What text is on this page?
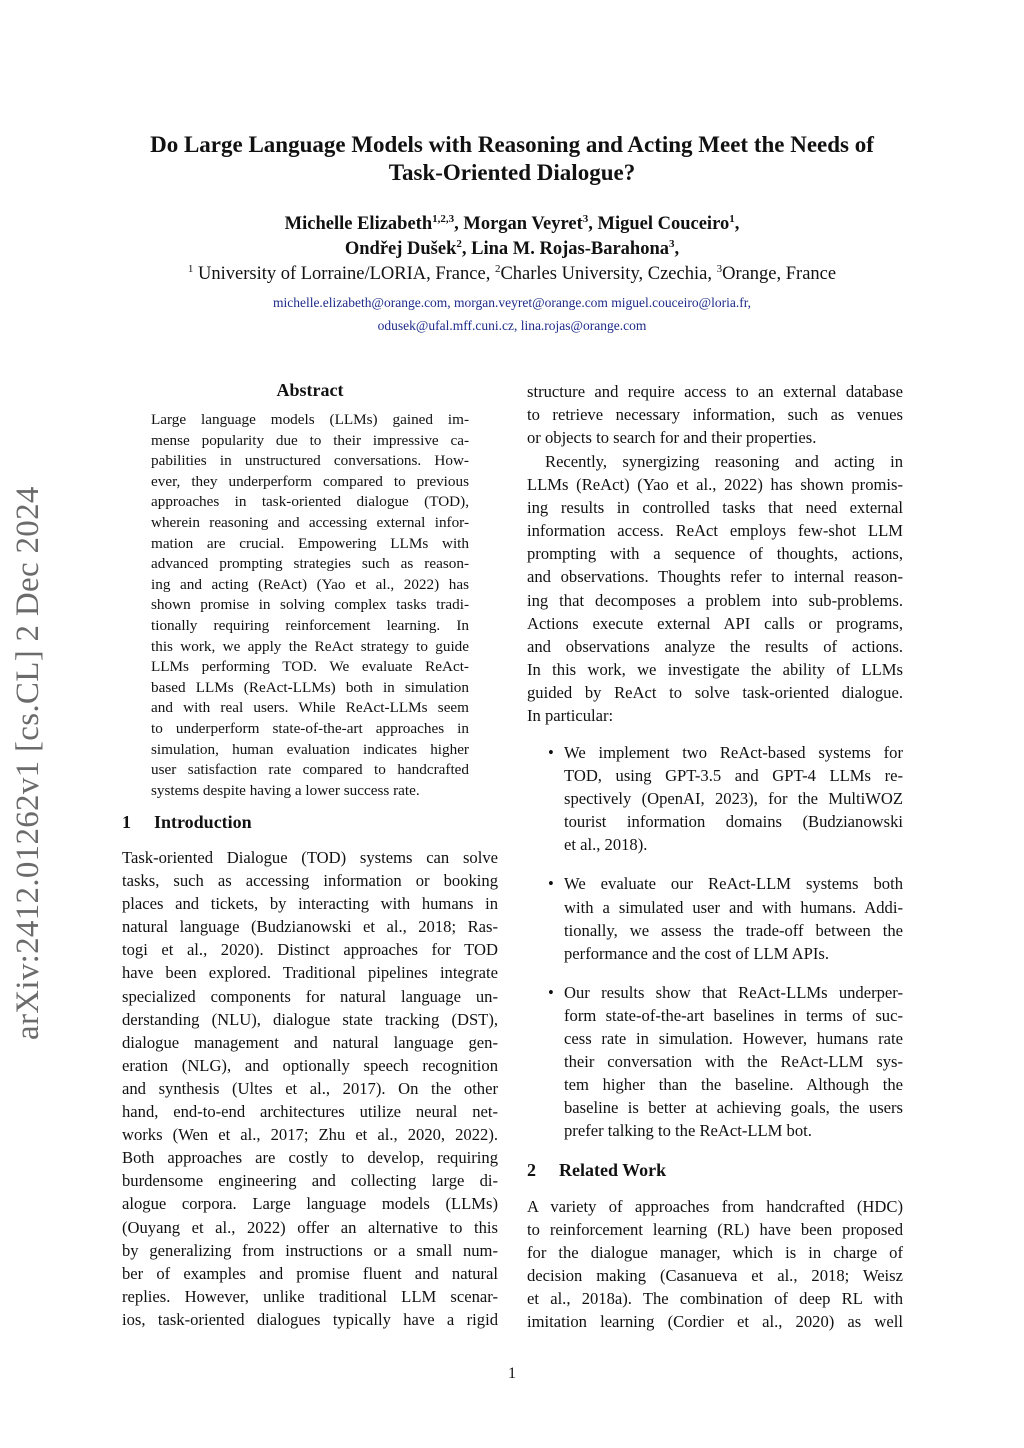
arXiv:2412.01262v1 [cs.CL] 2 Dec 2024
Do Large Language Models with Reasoning and Acting Meet the Needs of
Task-Oriented Dialogue?
Michelle Elizabeth$^{1,2,3}$, Morgan Veyret$^3$, Miguel Couceiro$^1$,
Ondřej Dušek$^2$, Lina M. Rojas-Barahona$^3$,
$^1$ University of Lorraine/LORIA, France, $^2$Charles University, Czechia, $^3$Orange, France
michelle.elizabeth@orange.com, morgan.veyret@orange.com miguel.couceiro@loria.fr,
odusek@ufal.mff.cuni.cz, lina.rojas@orange.com
Abstract
Large language models (LLMs) gained im-
mense popularity due to their impressive ca-
pabilities in unstructured conversations. How-
ever, they underperform compared to previous
approaches in task-oriented dialogue (TOD),
wherein reasoning and accessing external infor-
mation are crucial. Empowering LLMs with
advanced prompting strategies such as reason-
ing and acting (ReAct) (Yao et al., 2022) has
shown promise in solving complex tasks tradi-
tionally requiring reinforcement learning. In
this work, we apply the ReAct strategy to guide
LLMs performing TOD. We evaluate ReAct-
based LLMs (ReAct-LLMs) both in simulation
and with real users. While ReAct-LLMs seem
to underperform state-of-the-art approaches in
simulation, human evaluation indicates higher
user satisfaction rate compared to handcrafted
systems despite having a lower success rate.
1 Introduction
Task-oriented Dialogue (TOD) systems can solve
tasks, such as accessing information or booking
places and tickets, by interacting with humans in
natural language (Budzianowski et al., 2018; Ras-
togi et al., 2020). Distinct approaches for TOD
have been explored. Traditional pipelines integrate
specialized components for natural language un-
derstanding (NLU), dialogue state tracking (DST),
dialogue management and natural language gen-
eration (NLG), and optionally speech recognition
and synthesis (Ultes et al., 2017). On the other
hand, end-to-end architectures utilize neural net-
works (Wen et al., 2017; Zhu et al., 2020, 2022).
Both approaches are costly to develop, requiring
burdensome engineering and collecting large di-
alogue corpora. Large language models (LLMs)
(Ouyang et al., 2022) offer an alternative to this
by generalizing from instructions or a small num-
ber of examples and promise fluent and natural
replies. However, unlike traditional LLM scenar-
ios, task-oriented dialogues typically have a rigid
structure and require access to an external database
to retrieve necessary information, such as venues
or objects to search for and their properties.
Recently, synergizing reasoning and acting in
LLMs (ReAct) (Yao et al., 2022) has shown promis-
ing results in controlled tasks that need external
information access. ReAct employs few-shot LLM
prompting with a sequence of thoughts, actions,
and observations. Thoughts refer to internal reason-
ing that decomposes a problem into sub-problems.
Actions execute external API calls or programs,
and observations analyze the results of actions.
In this work, we investigate the ability of LLMs
guided by ReAct to solve task-oriented dialogue.
In particular:
• We implement two ReAct-based systems for
TOD, using GPT-3.5 and GPT-4 LLMs re-
spectively (OpenAI, 2023), for the MultiWOZ
tourist information domains (Budzianowski
et al., 2018).
• We evaluate our ReAct-LLM systems both
with a simulated user and with humans. Addi-
tionally, we assess the trade-off between the
performance and the cost of LLM APIs.
• Our results show that ReAct-LLMs underper-
form state-of-the-art baselines in terms of suc-
cess rate in simulation. However, humans rate
their conversation with the ReAct-LLM sys-
tem higher than the baseline. Although the
baseline is better at achieving goals, the users
prefer talking to the ReAct-LLM bot.
2 Related Work
A variety of approaches from handcrafted (HDC)
to reinforcement learning (RL) have been proposed
for the dialogue manager, which is in charge of
decision making (Casanueva et al., 2018; Weisz
et al., 2018a). The combination of deep RL with
imitation learning (Cordier et al., 2020) as well
1
